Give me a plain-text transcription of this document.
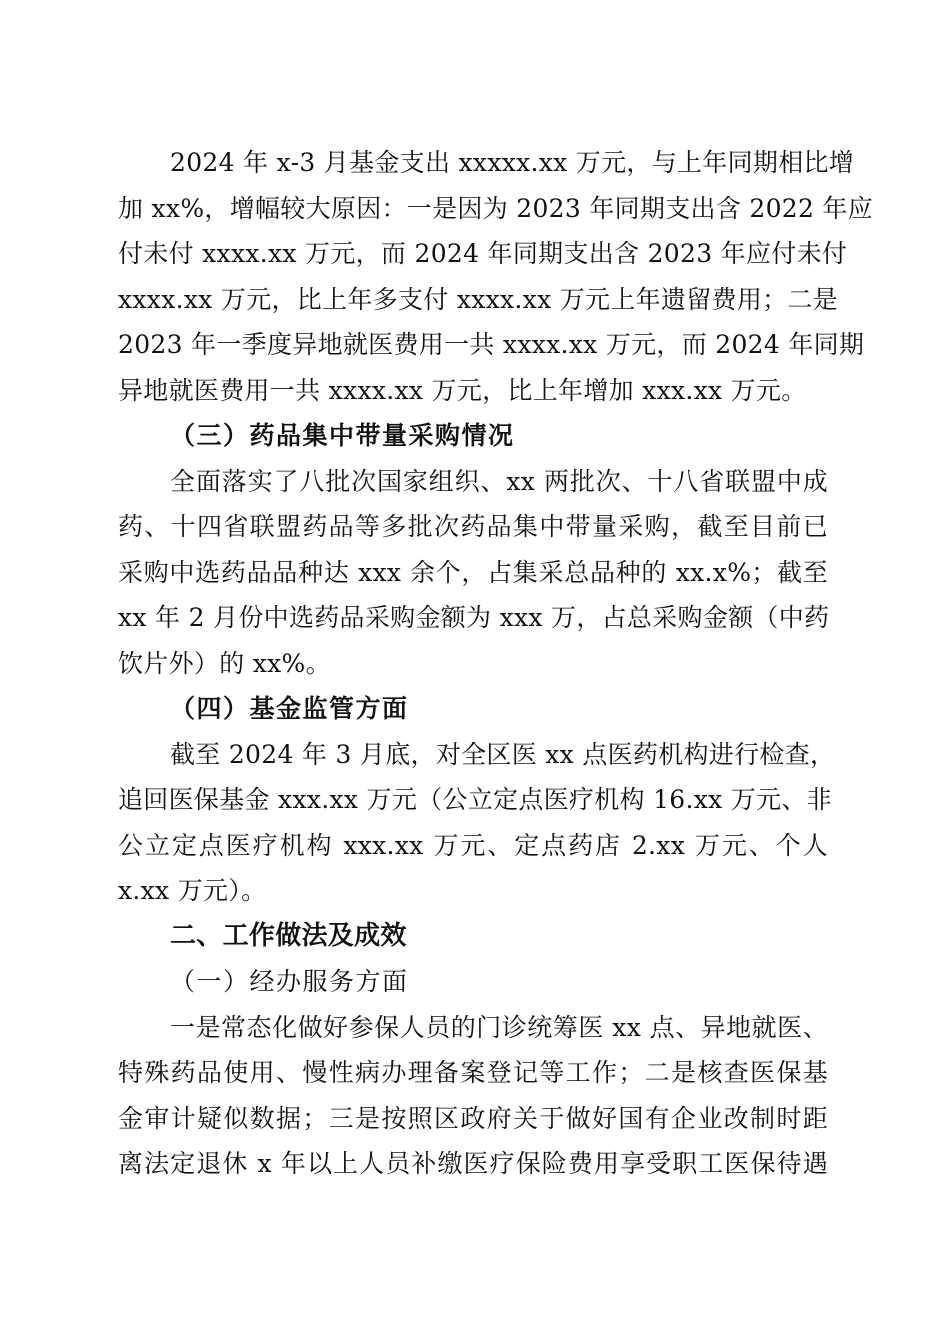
2024 年 x-3 月基金支出 xxxxx.xx 万元，与上年同期相比增
加 xx%，增幅较大原因：一是因为 2023 年同期支出含 2022 年应
付未付 xxxx.xx 万元，而 2024 年同期支出含 2023 年应付未付
xxxx.xx 万元，比上年多支付 xxxx.xx 万元上年遗留费用；二是
2023 年一季度异地就医费用一共 xxxx.xx 万元，而 2024 年同期
异地就医费用一共 xxxx.xx 万元，比上年增加 xxx.xx 万元。
（三）药品集中带量采购情况
全面落实了八批次国家组织、xx 两批次、十八省联盟中成
药、十四省联盟药品等多批次药品集中带量采购，截至目前已
采购中选药品品种达 xxx 余个，占集采总品种的 xx.x%；截至
xx 年 2 月份中选药品采购金额为 xxx 万，占总采购金额（中药
饮片外）的 xx%。
（四）基金监管方面
截至 2024 年 3 月底，对全区医 xx 点医药机构进行检查，
追回医保基金 xxx.xx 万元（公立定点医疗机构 16.xx 万元、非
公立定点医疗机构 xxx.xx 万元、定点药店 2.xx 万元、个人
x.xx 万元）。
二、工作做法及成效
（一）经办服务方面
一是常态化做好参保人员的门诊统筹医 xx 点、异地就医、
特殊药品使用、慢性病办理备案登记等工作；二是核查医保基
金审计疑似数据；三是按照区政府关于做好国有企业改制时距
离法定退休 x 年以上人员补缴医疗保险费用享受职工医保待遇
